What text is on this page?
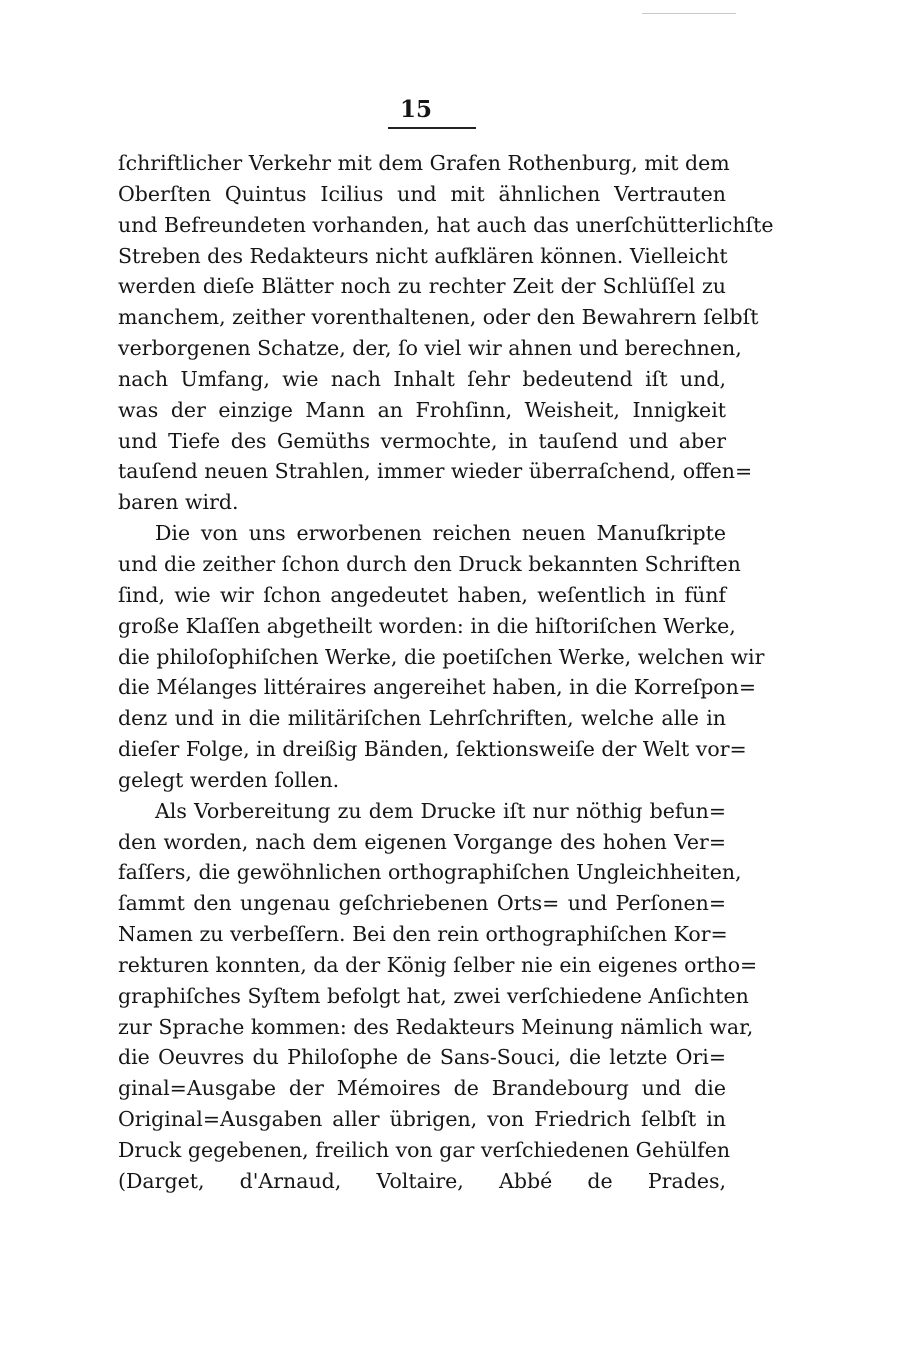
15
ſchriftlicher Verkehr mit dem Grafen Rothenburg, mit dem
Oberſten Quintus Icilius und mit ähnlichen Vertrauten
und Befreundeten vorhanden, hat auch das unerſchütterlichſte
Streben des Redakteurs nicht aufklären können. Vielleicht
werden dieſe Blätter noch zu rechter Zeit der Schlüſſel zu
manchem, zeither vorenthaltenen, oder den Bewahrern ſelbſt
verborgenen Schatze, der, ſo viel wir ahnen und berechnen,
nach Umfang, wie nach Inhalt ſehr bedeutend iſt und,
was der einzige Mann an Frohſinn, Weisheit, Innigkeit
und Tiefe des Gemüths vermochte, in tauſend und aber
tauſend neuen Strahlen, immer wieder überraſchend, offen=
baren wird.
Die von uns erworbenen reichen neuen Manuſkripte
und die zeither ſchon durch den Druck bekannten Schriften
ſind, wie wir ſchon angedeutet haben, weſentlich in fünf
große Klaſſen abgetheilt worden: in die hiſtoriſchen Werke,
die philoſophiſchen Werke, die poetiſchen Werke, welchen wir
die Mélanges littéraires angereihet haben, in die Korreſpon=
denz und in die militäriſchen Lehrſchriften, welche alle in
dieſer Folge, in dreißig Bänden, ſektionsweiſe der Welt vor=
gelegt werden ſollen.
Als Vorbereitung zu dem Drucke iſt nur nöthig befun=
den worden, nach dem eigenen Vorgange des hohen Ver=
faſſers, die gewöhnlichen orthographiſchen Ungleichheiten,
ſammt den ungenau geſchriebenen Orts= und Perſonen=
Namen zu verbeſſern. Bei den rein orthographiſchen Kor=
rekturen konnten, da der König ſelber nie ein eigenes ortho=
graphiſches Syſtem befolgt hat, zwei verſchiedene Anſichten
zur Sprache kommen: des Redakteurs Meinung nämlich war,
die Oeuvres du Philoſophe de Sans-Souci, die letzte Ori=
ginal=Ausgabe der Mémoires de Brandebourg und die
Original=Ausgaben aller übrigen, von Friedrich ſelbſt in
Druck gegebenen, freilich von gar verſchiedenen Gehülfen
(Darget, d'Arnaud, Voltaire, Abbé de Prades,
